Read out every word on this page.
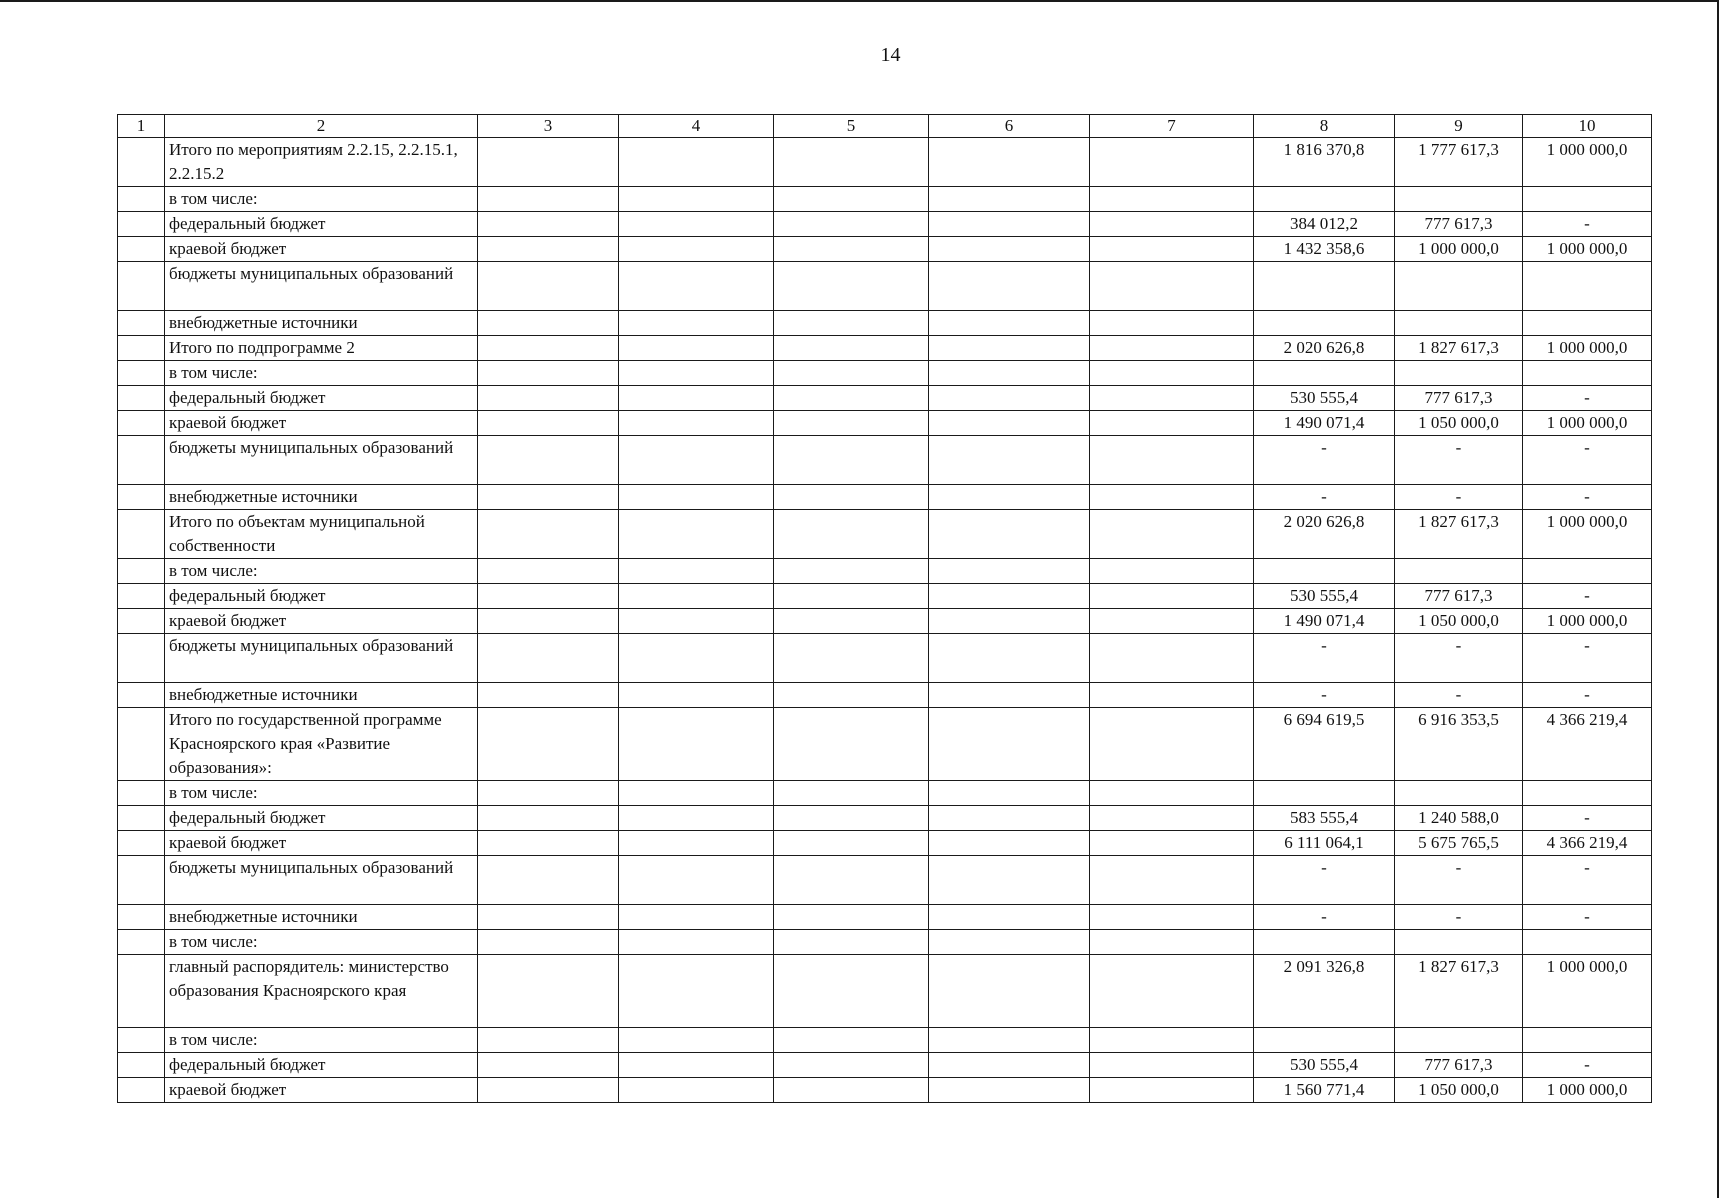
14
1	2	3	4	5	6	7	8	9	10
	Итого по мероприятиям 2.2.15, 2.2.15.1, 2.2.15.2						1 816 370,8	1 777 617,3	1 000 000,0
	в том числе:								
	федеральный бюджет						384 012,2	777 617,3	-
	краевой бюджет						1 432 358,6	1 000 000,0	1 000 000,0
	бюджеты муниципальных образований								
	внебюджетные источники								
	Итого по подпрограмме 2						2 020 626,8	1 827 617,3	1 000 000,0
	в том числе:								
	федеральный бюджет						530 555,4	777 617,3	-
	краевой бюджет						1 490 071,4	1 050 000,0	1 000 000,0
	бюджеты муниципальных образований						-	-	-
	внебюджетные источники						-	-	-
	Итого по объектам муниципальной собственности						2 020 626,8	1 827 617,3	1 000 000,0
	в том числе:								
	федеральный бюджет						530 555,4	777 617,3	-
	краевой бюджет						1 490 071,4	1 050 000,0	1 000 000,0
	бюджеты муниципальных образований						-	-	-
	внебюджетные источники						-	-	-
	Итого по государственной программе Красноярского края «Развитие образования»:						6 694 619,5	6 916 353,5	4 366 219,4
	в том числе:								
	федеральный бюджет						583 555,4	1 240 588,0	-
	краевой бюджет						6 111 064,1	5 675 765,5	4 366 219,4
	бюджеты муниципальных образований						-	-	-
	внебюджетные источники						-	-	-
	в том числе:								
	главный распорядитель: министерство образования Красноярского края						2 091 326,8	1 827 617,3	1 000 000,0
	в том числе:								
	федеральный бюджет						530 555,4	777 617,3	-
	краевой бюджет						1 560 771,4	1 050 000,0	1 000 000,0
